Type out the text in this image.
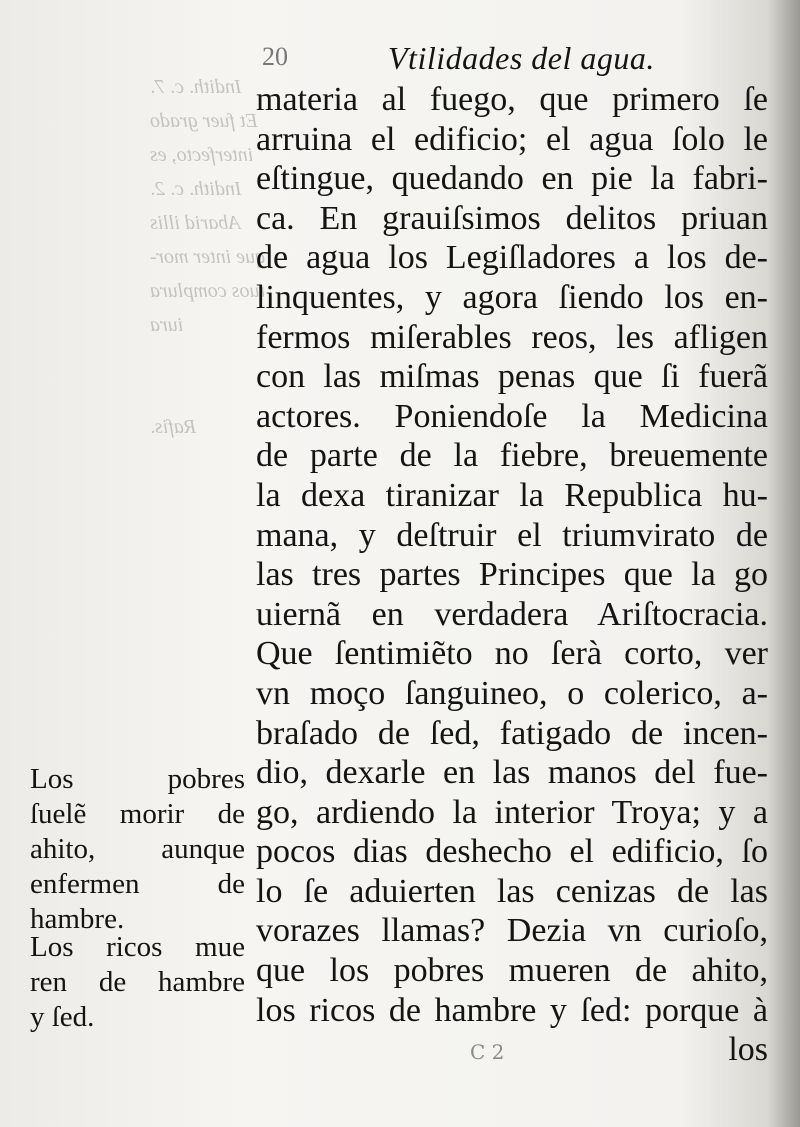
Indith. c. 7.
Et fuer grado
interfecto, es
Indith. c. 2.
Abarid illis
que inter mor-
tuos complura
iura

Rafis.
20	Vtilidades del agua.
materia al fuego, que primero ſe
arruina el edificio; el agua ſolo le
eſtingue, quedando en pie la fabri-
ca. En grauiſsimos delitos priuan
de agua los Legiſladores a los de-
linquentes, y agora ſiendo los en-
fermos miſerables reos, les afligen
con las miſmas penas que ſi fuerã
actores. Poniendoſe la Medicina
de parte de la fiebre, breuemente
la dexa tiranizar la Republica hu-
mana, y deſtruir el triumvirato de
las tres partes Principes que la go
uiernã en verdadera Ariſtocracia.
Que ſentimiẽto no ſerà corto, ver
vn moço ſanguineo, o colerico, a-
braſado de ſed, fatigado de incen-
dio, dexarle en las manos del fue-
go, ardiendo la interior Troya; y a
pocos dias deshecho el edificio, ſo
lo ſe aduierten las cenizas de las
vorazes llamas? Dezia vn curioſo,
que los pobres mueren de ahito,
los ricos de hambre y ſed: porque à
los
Los pobres
ſuelẽ morir de
ahito, aunque
enfermen de
hambre.
Los ricos mue
ren de hambre
y ſed.
C 2
